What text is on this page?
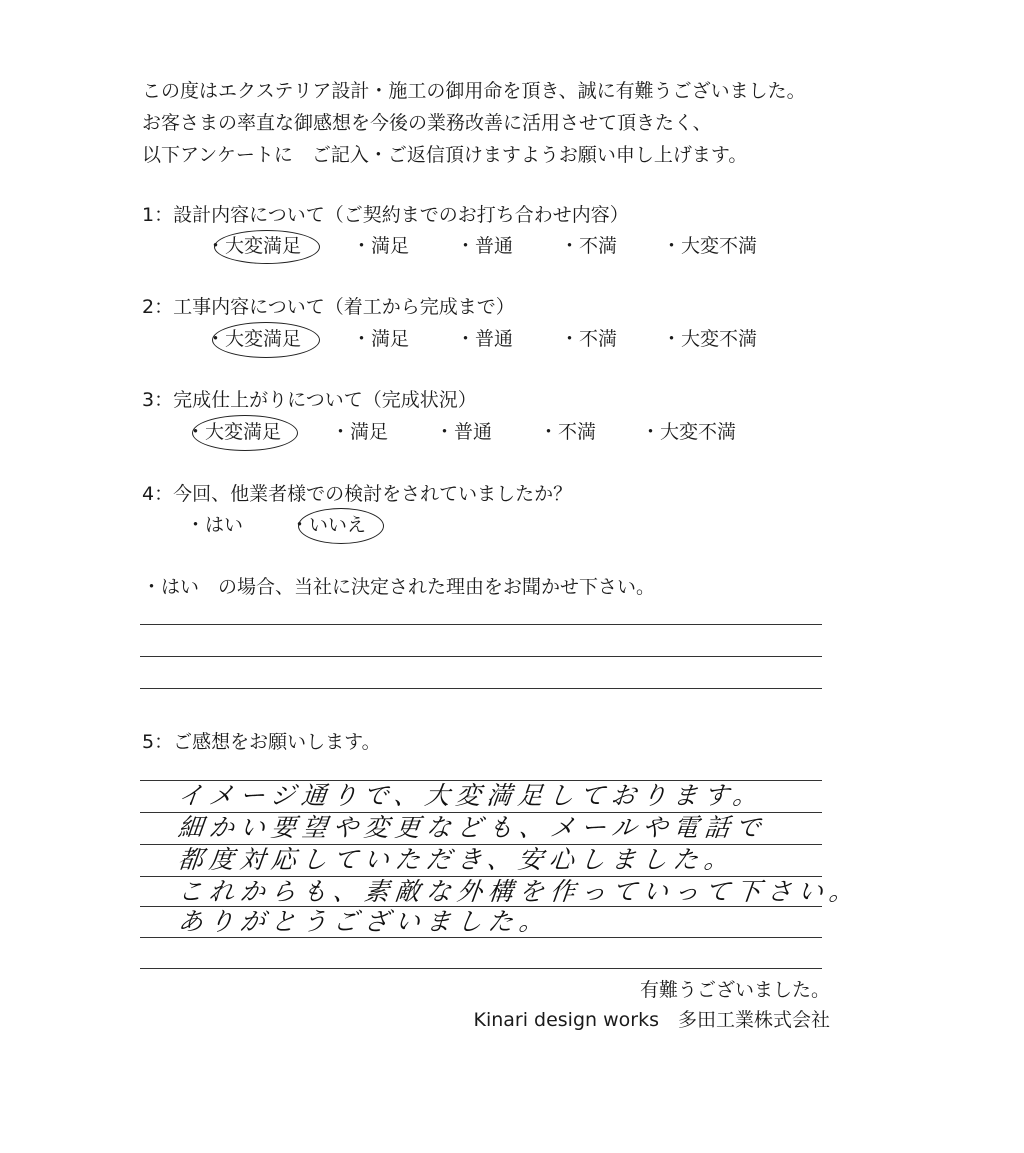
この度はエクステリア設計・施工の御用命を頂き、誠に有難うございました。
お客さまの率直な御感想を今後の業務改善に活用させて頂きたく、
以下アンケートに　ご記入・ご返信頂けますようお願い申し上げます。
1：設計内容について（ご契約までのお打ち合わせ内容）
・大変満足	・満足 ・普通 ・不満 ・大変不満
2：工事内容について（着工から完成まで）
・大変満足	・満足 ・普通 ・不満 ・大変不満
3：完成仕上がりについて（完成状況）
・大変満足	・満足 ・普通 ・不満 ・大変不満
4：今回、他業者様での検討をされていましたか？
・はい ・いいえ
・はい　の場合、当社に決定された理由をお聞かせ下さい。
5：ご感想をお願いします。
イメージ通りで、大変満足しております。
細かい要望や変更なども、メールや電話で
都度対応していただき、安心しました。
これからも、素敵な外構を作っていって下さい。
ありがとうございました。
有難うございました。
Kinari design works　多田工業株式会社
